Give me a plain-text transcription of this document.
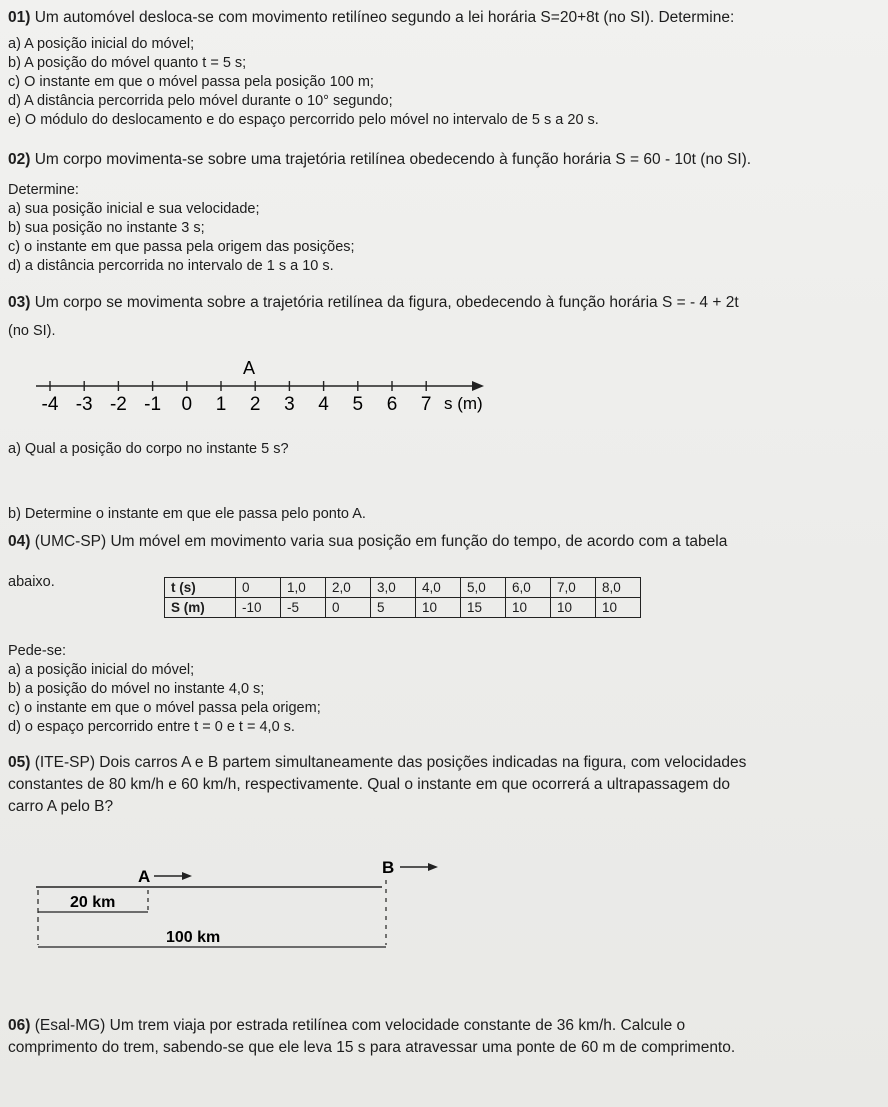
01) Um automóvel desloca-se com movimento retilíneo segundo a lei horária S=20+8t (no SI). Determine:
a) A posição inicial do móvel;
b) A posição do móvel quanto t = 5 s;
c) O instante em que o móvel passa pela posição 100 m;
d) A distância percorrida pelo móvel durante o 10° segundo;
e) O módulo do deslocamento e do espaço percorrido pelo móvel no intervalo de 5 s a 20 s.
02) Um corpo movimenta-se sobre uma trajetória retilínea obedecendo à função horária S = 60 - 10t (no SI).
Determine:
a) sua posição inicial e sua velocidade;
b) sua posição no instante 3 s;
c) o instante em que passa pela origem das posições;
d) a distância percorrida no intervalo de 1 s a 10 s.
03) Um corpo se movimenta sobre a trajetória retilínea da figura, obedecendo à função horária S = - 4 + 2t
(no SI).
-4 -3 -2 -1 0 1 2 3 4 5 6 7
A
s (m)
a) Qual a posição do corpo no instante 5 s?
b) Determine o instante em que ele passa pelo ponto A.
04) (UMC-SP) Um móvel em movimento varia sua posição em função do tempo, de acordo com a tabela
abaixo.	t (s)	0	1,0	2,0	3,0	4,0	5,0	6,0	7,0	8,0
S (m)	-10	-5	0	5	10	15	10	10	10
Pede-se:
a) a posição inicial do móvel;
b) a posição do móvel no instante 4,0 s;
c) o instante em que o móvel passa pela origem;
d) o espaço percorrido entre t = 0 e t = 4,0 s.
05) (ITE-SP) Dois carros A e B partem simultaneamente das posições indicadas na figura, com velocidades
constantes de 80 km/h e 60 km/h, respectivamente. Qual o instante em que ocorrerá a ultrapassagem do
carro A pelo B?
A	B
20 km
100 km
06) (Esal-MG) Um trem viaja por estrada retilínea com velocidade constante de 36 km/h. Calcule o
comprimento do trem, sabendo-se que ele leva 15 s para atravessar uma ponte de 60 m de comprimento.
